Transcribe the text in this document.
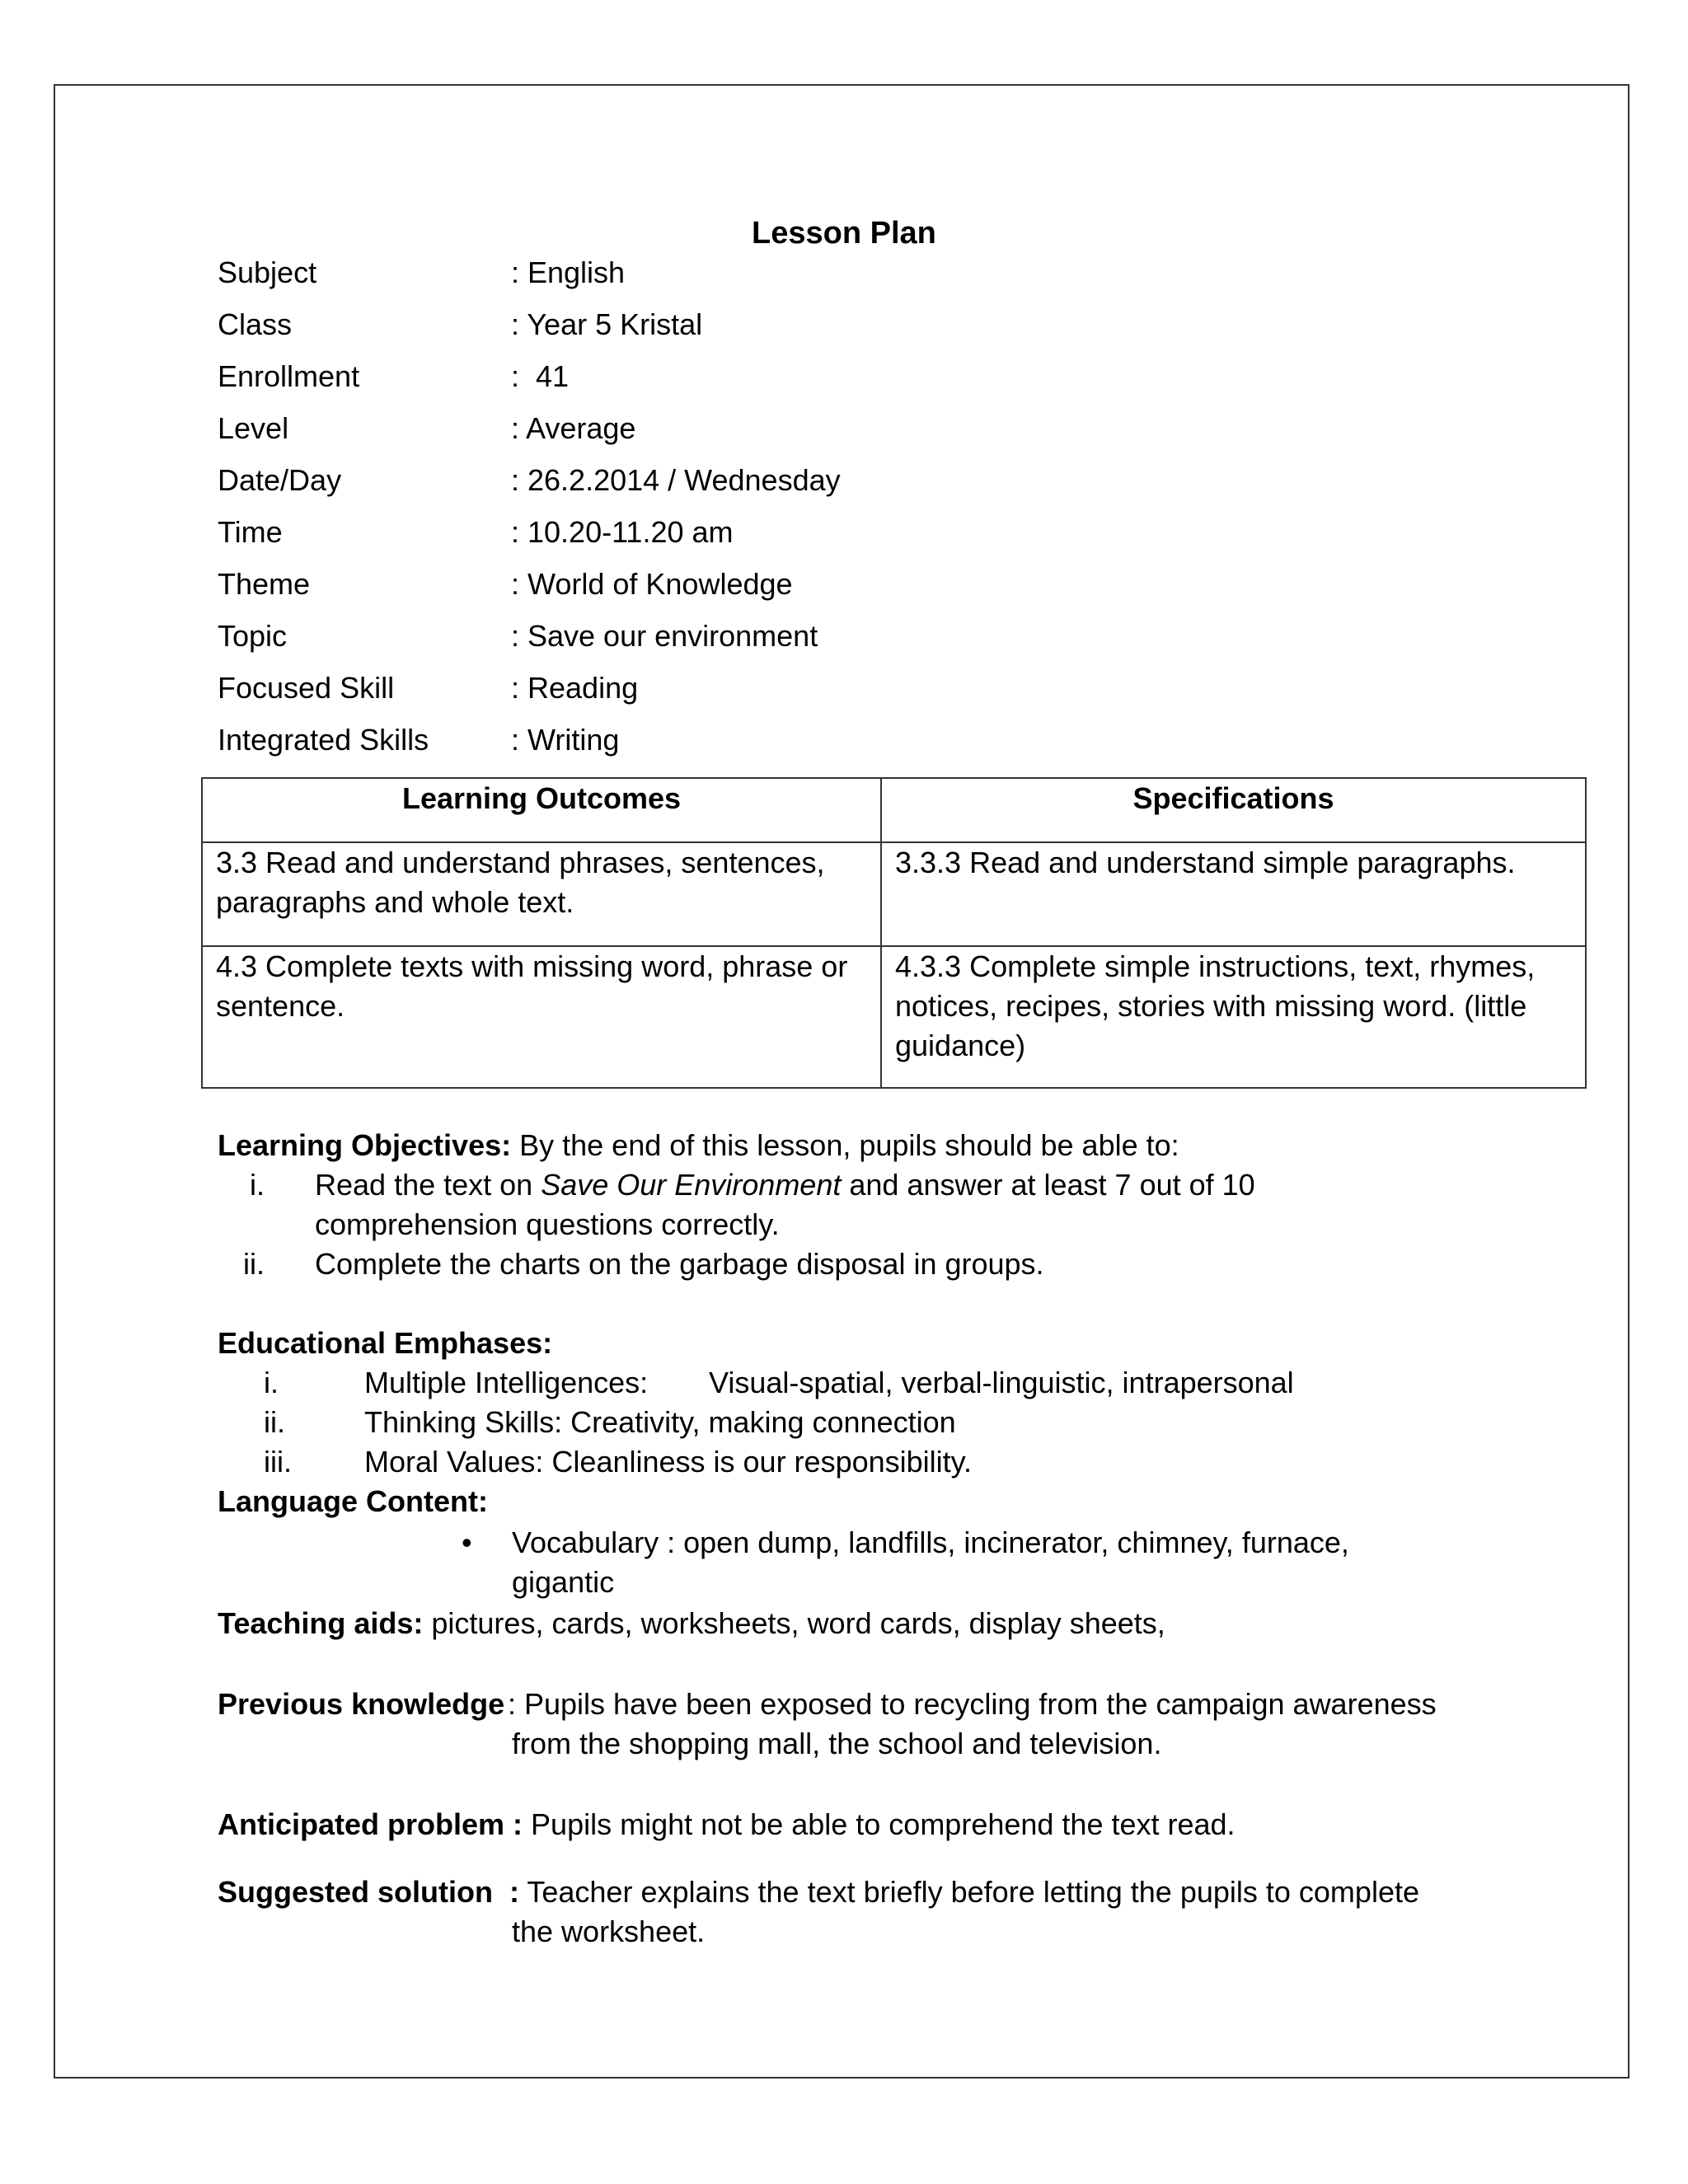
Lesson Plan
Subject	: English
Class	: Year 5 Kristal
Enrollment	:  41
Level	: Average
Date/Day	: 26.2.2014 / Wednesday
Time	: 10.20-11.20 am
Theme	: World of Knowledge
Topic	: Save our environment
Focused Skill	: Reading
Integrated Skills	: Writing
Learning Outcomes	Specifications
3.3 Read and understand phrases, sentences, paragraphs and whole text.	3.3.3 Read and understand simple paragraphs.
4.3 Complete texts with missing word, phrase or sentence.	4.3.3 Complete simple instructions, text, rhymes, notices, recipes, stories with missing word. (little guidance)
Learning Objectives: By the end of this lesson, pupils should be able to:
i. Read the text on Save Our Environment and answer at least 7 out of 10
comprehension questions correctly.
ii. Complete the charts on the garbage disposal in groups.
Educational Emphases:
i.	Multiple Intelligences: Visual-spatial, verbal-linguistic, intrapersonal
ii.	Thinking Skills: Creativity, making connection
iii. Moral Values: Cleanliness is our responsibility.
Language Content:
• Vocabulary : open dump, landfills, incinerator, chimney, furnace,
gigantic
Teaching aids: pictures, cards, worksheets, word cards, display sheets,
Previous knowledge : Pupils have been exposed to recycling from the campaign awareness
from the shopping mall, the school and television.
Anticipated problem : Pupils might not be able to comprehend the text read.
Suggested solution  : Teacher explains the text briefly before letting the pupils to complete
the worksheet.
